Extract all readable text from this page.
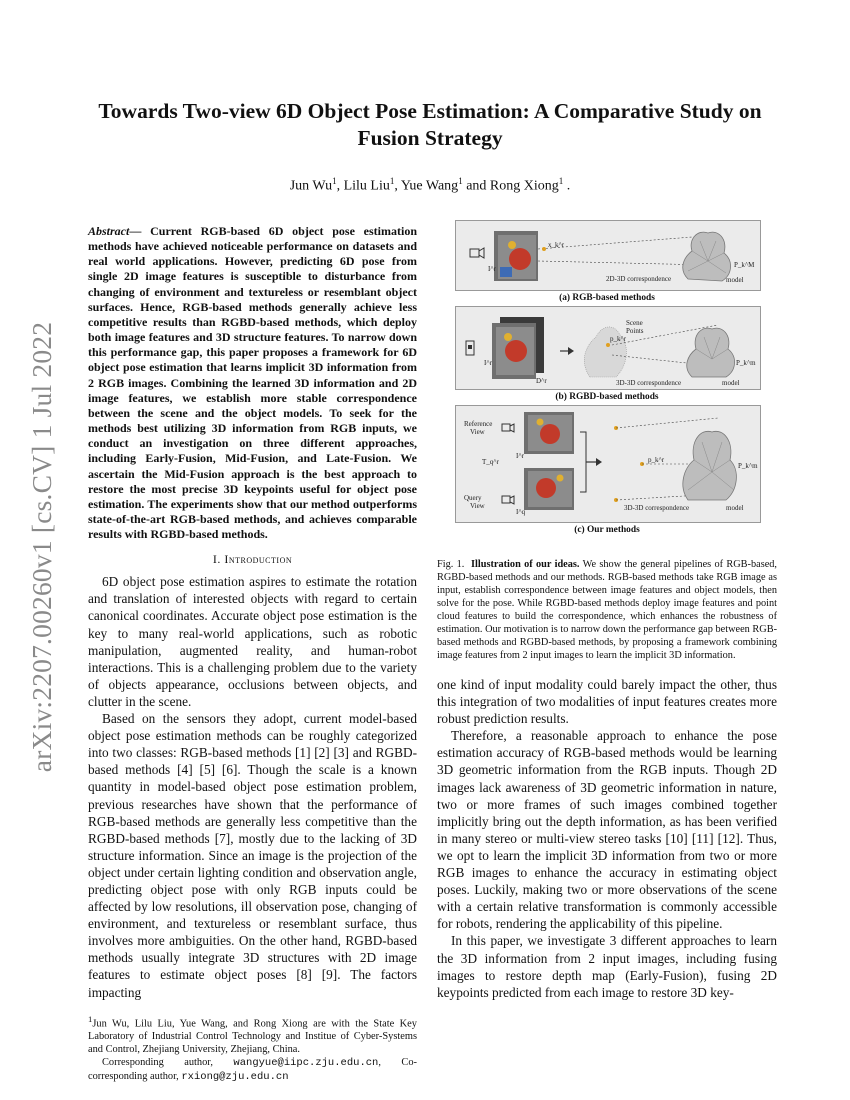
arXiv:2207.00260v1 [cs.CV] 1 Jul 2022
Towards Two-view 6D Object Pose Estimation: A Comparative Study on Fusion Strategy
Jun Wu$^1$, Lilu Liu$^1$, Yue Wang$^1$ and Rong Xiong$^1$ .

Abstract— Current RGB-based 6D object pose estimation methods have achieved noticeable performance on datasets and real world applications. However, predicting 6D pose from single 2D image features is susceptible to disturbance from changing of environment and textureless or resemblant object surfaces. Hence, RGB-based methods generally achieve less competitive results than RGBD-based methods, which deploy both image features and 3D structure features. To narrow down this performance gap, this paper proposes a framework for 6D object pose estimation that learns implicit 3D information from 2 RGB images. Combining the learned 3D information and 2D image features, we establish more stable correspondence between the scene and the object models. To seek for the methods best utilizing 3D information from RGB inputs, we conduct an investigation on three different approaches, including Early-Fusion, Mid-Fusion, and Late-Fusion. We ascertain the Mid-Fusion approach is the best approach to restore the most precise 3D keypoints useful for object pose estimation. The experiments show that our method outperforms state-of-the-art RGB-based methods, and achieves comparable results with RGBD-based methods.

I. Introduction

6D object pose estimation aspires to estimate the rotation and translation of interested objects with regard to certain canonical coordinates. Accurate object pose estimation is the key to many real-world applications, such as robotic manipulation, augmented reality, and human-robot interactions. This is a challenging problem due to the variety of objects appearance, occlusions between objects, and clutter in the scene.

Based on the sensors they adopt, current model-based object pose estimation methods can be roughly categorized into two classes: RGB-based methods [1] [2] [3] and RGBD-based methods [4] [5] [6]. Though the scale is a known quantity in model-based object pose estimation problem, previous researches have shown that the performance of RGB-based methods are generally less competitive than the RGBD-based methods [7], mostly due to the lacking of 3D structure information. Since an image is the projection of the object under certain lighting condition and observation angle, predicting object pose with only RGB inputs could be affected by low resolutions, ill observation pose, changing of environment, and textureless or resemblant surface, thus involves more ambiguities. On the other hand, RGBD-based methods usually integrate 3D structures with 2D image features to estimate object poses [8] [9]. The factors impacting

$^1$Jun Wu, Lilu Liu, Yue Wang, and Rong Xiong are with the State Key Laboratory of Industrial Control Technology and Institue of Cyber-Systems and Control, Zhejiang University, Zhejiang, China.

Corresponding author, wangyue@iipc.zju.edu.cn, Co-corresponding author, rxiong@zju.edu.cn

I^r
x_k^r
P_k^M
model
2D-3D correspondence
(a) RGB-based methods
I^r
D^r
Scene
Points
p_k^r
P_k^m
model
3D-3D correspondence
(b) RGBD-based methods
Reference
View
T_q^r
Query
View
I^r
I^q
p_k^r
P_k^m
model
3D-3D correspondence
(c) Our methods
Fig. 1. Illustration of our ideas. We show the general pipelines of RGB-based, RGBD-based methods and our methods. RGB-based methods take RGB image as input, establish correspondence between image features and object models, then solve for the pose. While RGBD-based methods deploy image features and point cloud features to build the correspondence, which enhances the robustness of estimation. Our motivation is to narrow down the performance gap between RGB-based methods and RGBD-based methods, by proposing a framework combining image features from 2 input images to learn the implicit 3D information.

one kind of input modality could barely impact the other, thus this integration of two modalities of input features creates more robust prediction results.

Therefore, a reasonable approach to enhance the pose estimation accuracy of RGB-based methods would be learning 3D geometric information from the RGB inputs. Though 2D images lack awareness of 3D geometric information in nature, two or more frames of such images combined together implicitly bring out the depth information, as has been verified in many stereo or multi-view stereo tasks [10] [11] [12]. Thus, we opt to learn the implicit 3D information from two or more RGB images to enhance the accuracy in estimating object poses. Luckily, making two or more observations of the scene with a certain relative transformation is commonly accessible for robots, rendering the applicability of this pipeline.

In this paper, we investigate 3 different approaches to learn the 3D information from 2 input images, including fusing images to restore depth map (Early-Fusion), fusing 2D keypoints predicted from each image to restore 3D key-
